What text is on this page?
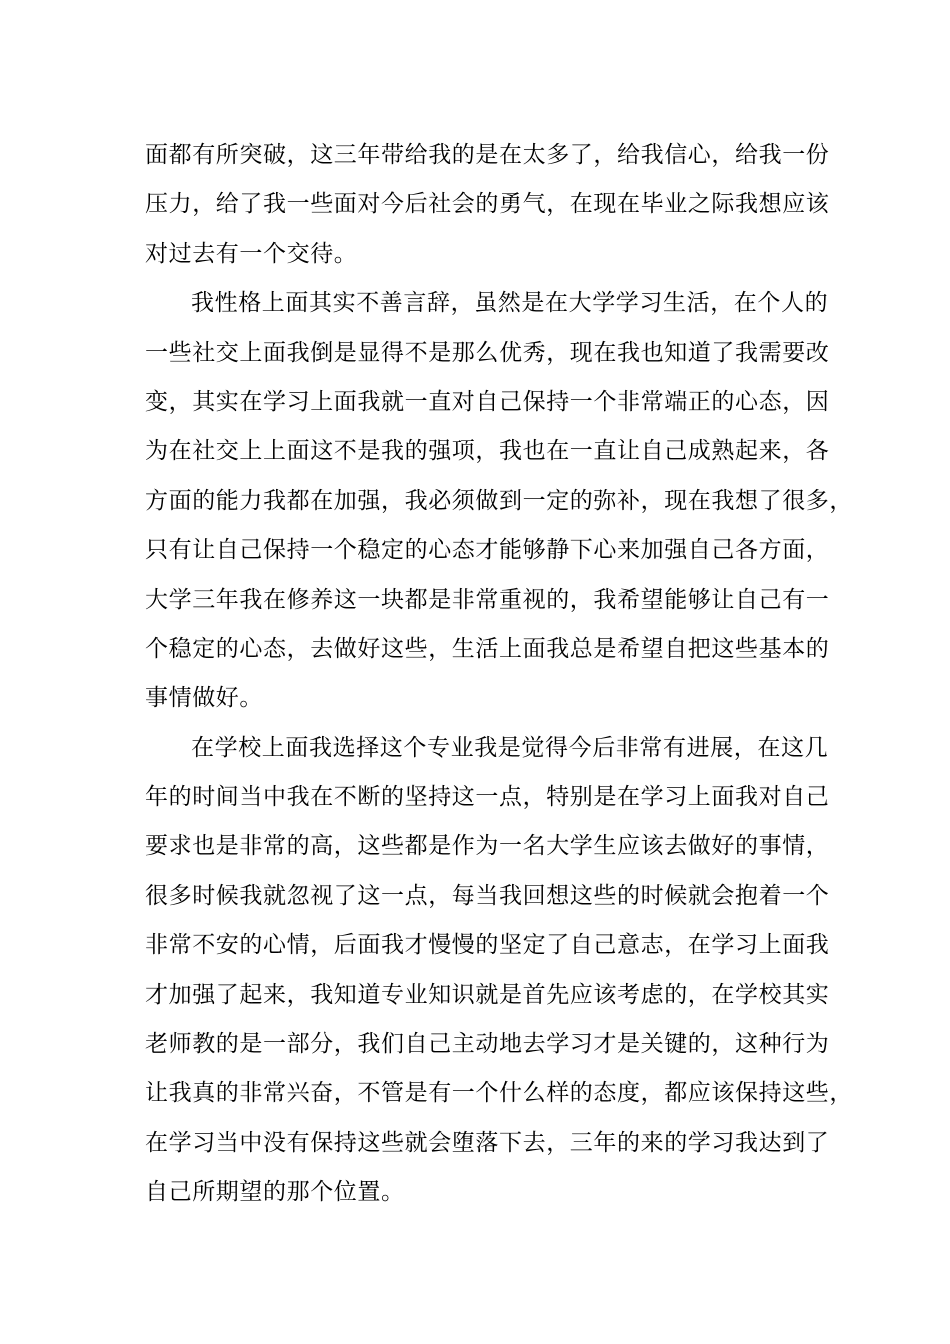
面都有所突破，这三年带给我的是在太多了，给我信心，给我一份
压力，给了我一些面对今后社会的勇气，在现在毕业之际我想应该
对过去有一个交待。
我性格上面其实不善言辞，虽然是在大学学习生活，在个人的
一些社交上面我倒是显得不是那么优秀，现在我也知道了我需要改
变，其实在学习上面我就一直对自己保持一个非常端正的心态，因
为在社交上上面这不是我的强项，我也在一直让自己成熟起来，各
方面的能力我都在加强，我必须做到一定的弥补，现在我想了很多，
只有让自己保持一个稳定的心态才能够静下心来加强自己各方面，
大学三年我在修养这一块都是非常重视的，我希望能够让自己有一
个稳定的心态，去做好这些，生活上面我总是希望自把这些基本的
事情做好。
在学校上面我选择这个专业我是觉得今后非常有进展，在这几
年的时间当中我在不断的坚持这一点，特别是在学习上面我对自己
要求也是非常的高，这些都是作为一名大学生应该去做好的事情，
很多时候我就忽视了这一点，每当我回想这些的时候就会抱着一个
非常不安的心情，后面我才慢慢的坚定了自己意志，在学习上面我
才加强了起来，我知道专业知识就是首先应该考虑的，在学校其实
老师教的是一部分，我们自己主动地去学习才是关键的，这种行为
让我真的非常兴奋，不管是有一个什么样的态度，都应该保持这些，
在学习当中没有保持这些就会堕落下去，三年的来的学习我达到了
自己所期望的那个位置。
